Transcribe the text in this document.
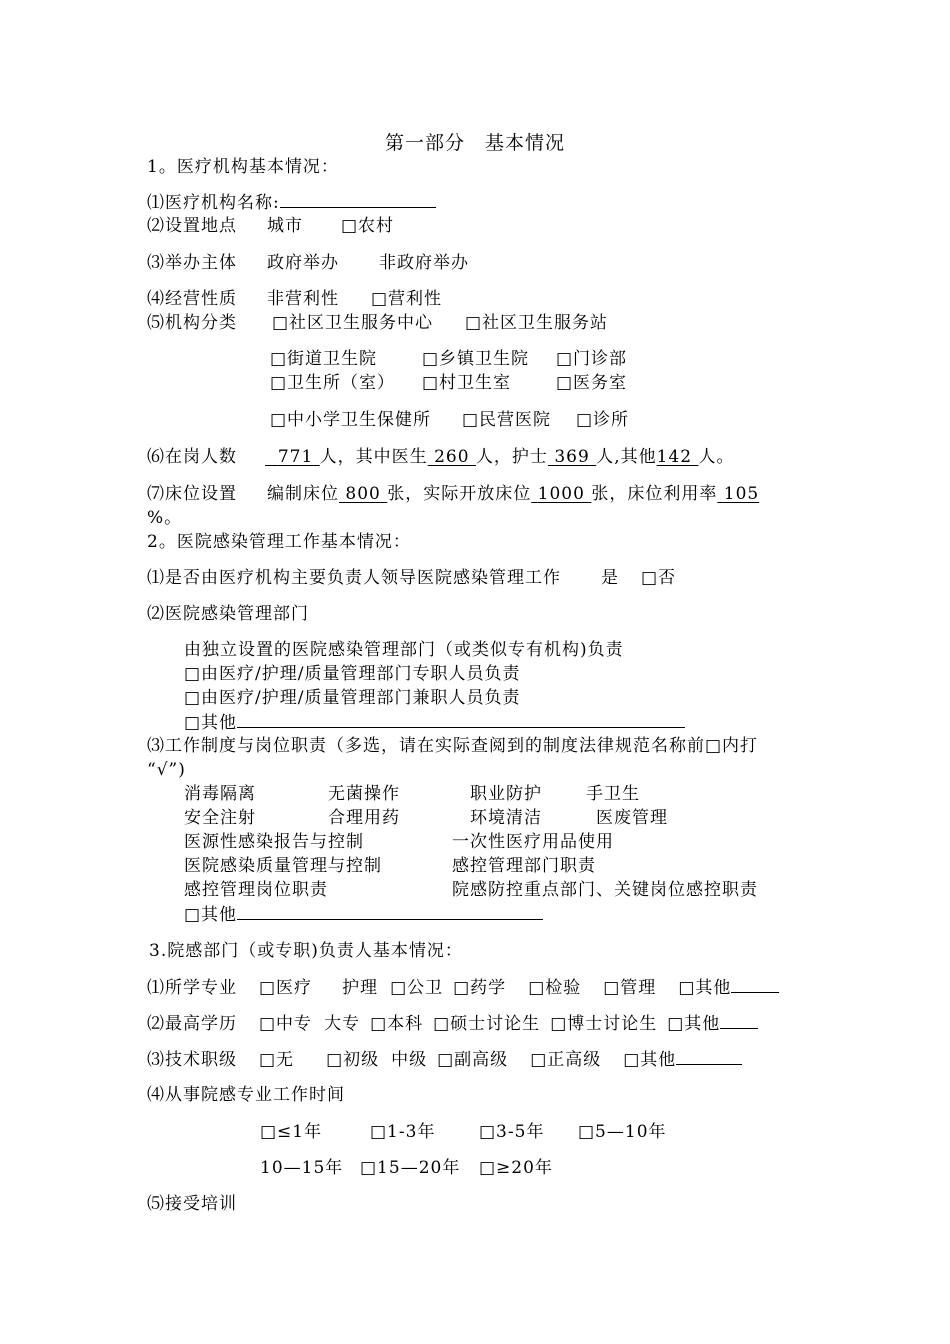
第一部分　基本情况
1。医疗机构基本情况：
⑴医疗机构名称:
⑵设置地点 城市 □农村
⑶举办主体 政府举办 非政府举办
⑷经营性质 非营利性 □营利性
⑸机构分类 □社区卫生服务中心 □社区卫生服务站
□街道卫生院	□乡镇卫生院 □门诊部
□卫生所（室） □村卫生室	□医务室
□中小学卫生保健所 □民营医院 □诊所
⑹在岗人数 771 人，其中医生 260 人，护士 369 人,其他142 人。
⑺床位设置 编制床位 800 张，实际开放床位 1000 张，床位利用率 105
%。
2。医院感染管理工作基本情况：
⑴是否由医疗机构主要负责人领导医院感染管理工作 是 □否
⑵医院感染管理部门
由独立设置的医院感染管理部门（或类似专有机构)负责
□由医疗/护理/质量管理部门专职人员负责
□由医疗/护理/质量管理部门兼职人员负责
□其他
⑶工作制度与岗位职责（多选，请在实际查阅到的制度法律规范名称前□内打
“√”)
消毒隔离	无菌操作	职业防护	手卫生
安全注射	合理用药	环境清洁	医废管理
医源性感染报告与控制	一次性医疗用品使用
医院感染质量管理与控制	感控管理部门职责
感控管理岗位职责	院感防控重点部门、关键岗位感控职责
□其他
3.院感部门（或专职)负责人基本情况：
⑴所学专业 □医疗 护理 □公卫 □药学 □检验 □管理 □其他
⑵最高学历 □中专 大专 □本科 □硕士讨论生 □博士讨论生 □其他
⑶技术职级 □无 □初级 中级 □副高级 □正高级 □其他
⑷从事院感专业工作时间
□≤1年	□1-3年	□3-5年 □5—10年
10—15年 □15—20年 □≥20年
⑸接受培训
